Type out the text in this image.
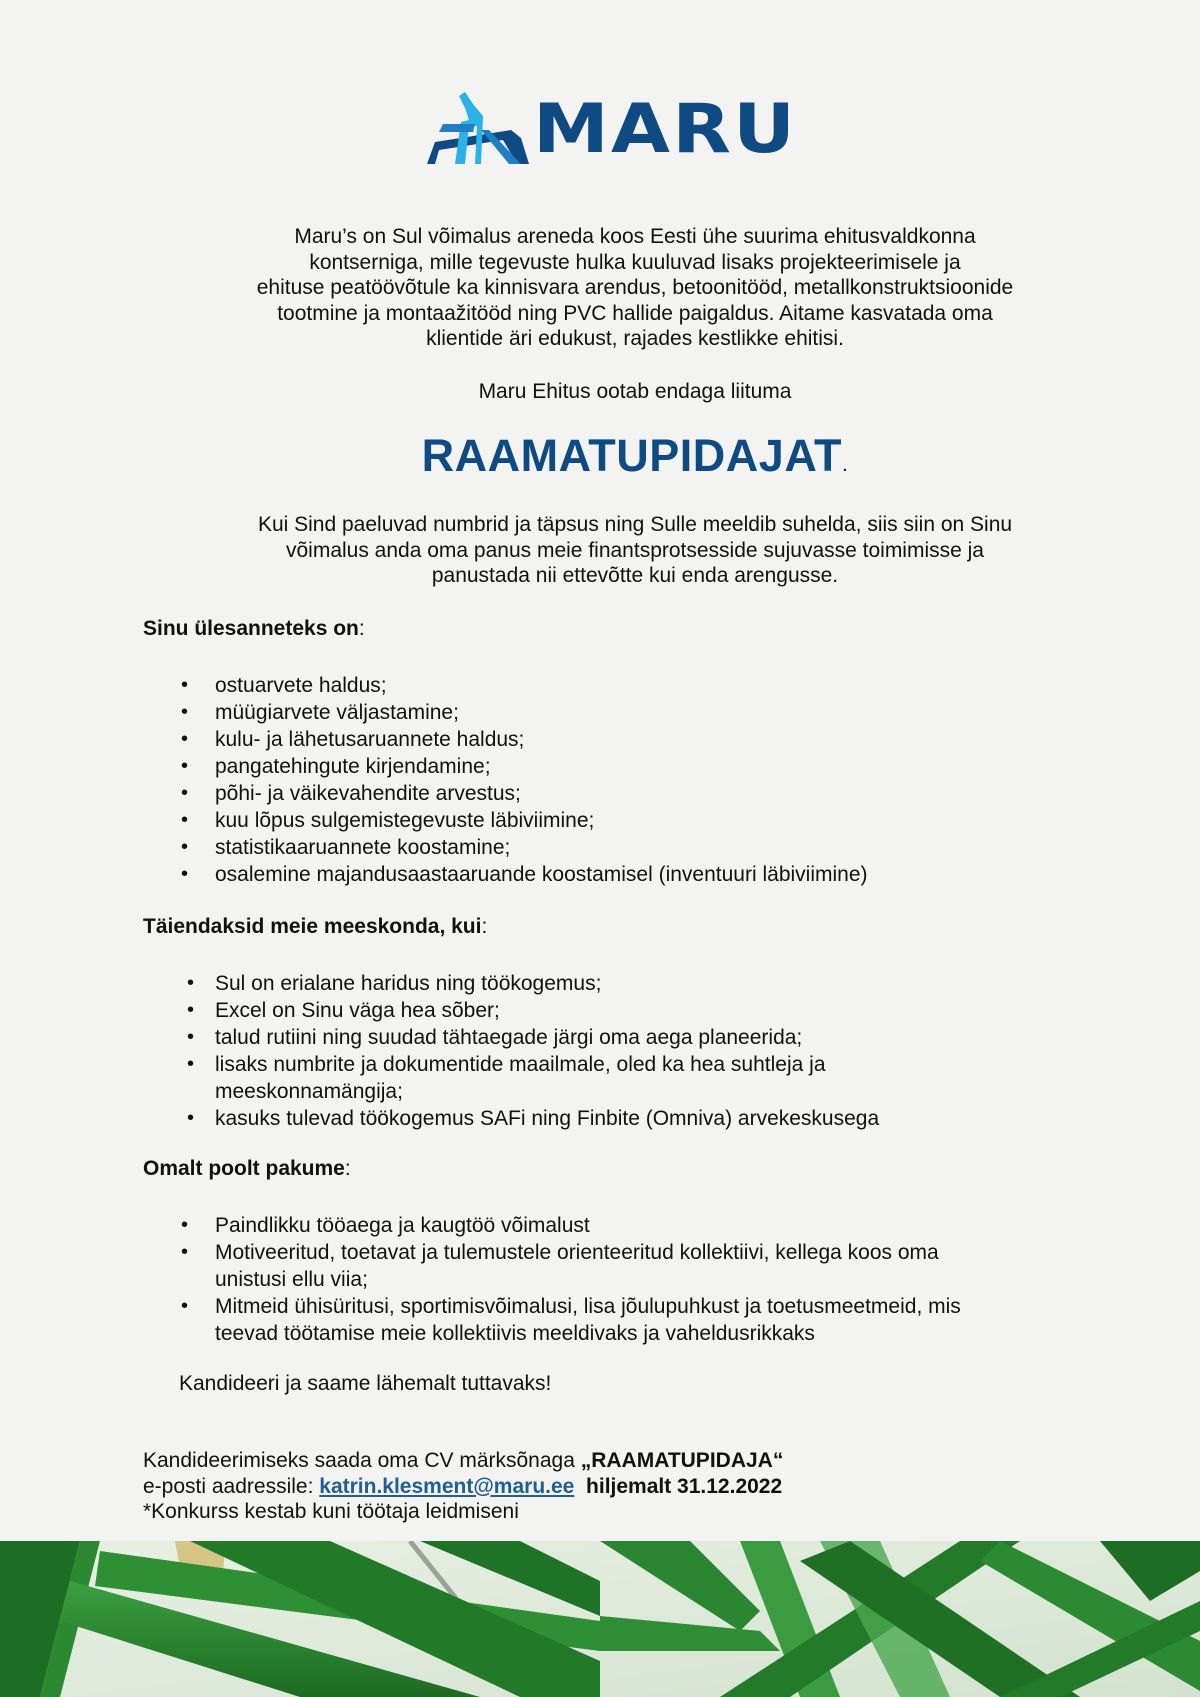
MARU
Maru’s on Sul võimalus areneda koos Eesti ühe suurima ehitusvaldkonna
kontserniga, mille tegevuste hulka kuuluvad lisaks projekteerimisele ja
ehituse peatöövõtule ka kinnisvara arendus, betoonitööd, metallkonstruktsioonide
tootmine ja montaažitööd ning PVC hallide paigaldus. Aitame kasvatada oma
klientide äri edukust, rajades kestlikke ehitisi.
Maru Ehitus ootab endaga liituma
RAAMATUPIDAJAT.
Kui Sind paeluvad numbrid ja täpsus ning Sulle meeldib suhelda, siis siin on Sinu
võimalus anda oma panus meie finantsprotsesside sujuvasse toimimisse ja
panustada nii ettevõtte kui enda arengusse.
Sinu ülesanneteks on:
• ostuarvete haldus;
• müügiarvete väljastamine;
• kulu- ja lähetusaruannete haldus;
• pangatehingute kirjendamine;
• põhi- ja väikevahendite arvestus;
• kuu lõpus sulgemistegevuste läbiviimine;
• statistikaaruannete koostamine;
• osalemine majandusaastaaruande koostamisel (inventuuri läbiviimine)
Täiendaksid meie meeskonda, kui:
• Sul on erialane haridus ning töökogemus;
• Excel on Sinu väga hea sõber;
• talud rutiini ning suudad tähtaegade järgi oma aega planeerida;
• lisaks numbrite ja dokumentide maailmale, oled ka hea suhtleja ja meeskonnamängija;
• kasuks tulevad töökogemus SAFi ning Finbite (Omniva) arvekeskusega
Omalt poolt pakume:
• Paindlikku tööaega ja kaugtöö võimalust
• Motiveeritud, toetavat ja tulemustele orienteeritud kollektiivi, kellega koos oma unistusi ellu viia;
• Mitmeid ühisüritusi, sportimisvõimalusi, lisa jõulupuhkust ja toetusmeetmeid, mis teevad töötamise meie kollektiivis meeldivaks ja vaheldusrikkaks
Kandideeri ja saame lähemalt tuttavaks!
Kandideerimiseks saada oma CV märksõnaga „RAAMATUPIDAJA“
e-posti aadressile: katrin.klesment@maru.ee hiljemalt 31.12.2022
*Konkurss kestab kuni töötaja leidmiseni
